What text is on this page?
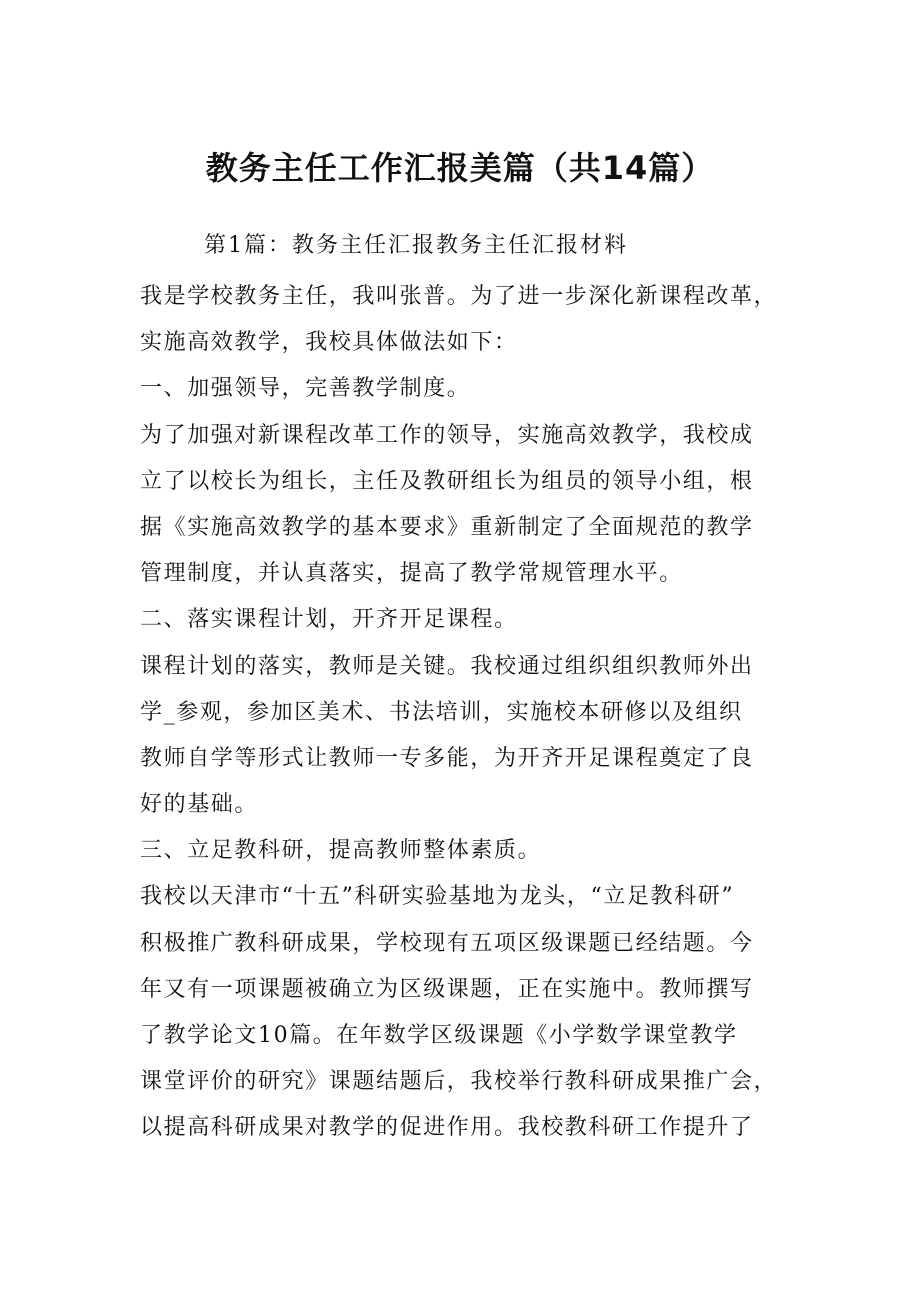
教务主任工作汇报美篇（共14篇）

第1篇：教务主任汇报教务主任汇报材料

我是学校教务主任，我叫张普。为了进一步深化新课程改革，
实施高效教学，我校具体做法如下：
一、加强领导，完善教学制度。
为了加强对新课程改革工作的领导，实施高效教学，我校成
立了以校长为组长，主任及教研组长为组员的领导小组，根
据《实施高效教学的基本要求》重新制定了全面规范的教学
管理制度，并认真落实，提高了教学常规管理水平。
二、落实课程计划，开齐开足课程。
课程计划的落实，教师是关键。我校通过组织组织教师外出
学_参观，参加区美术、书法培训，实施校本研修以及组织
教师自学等形式让教师一专多能，为开齐开足课程奠定了良
好的基础。
三、立足教科研，提高教师整体素质。
我校以天津市“十五”科研实验基地为龙头，“立足教科研”
积极推广教科研成果，学校现有五项区级课题已经结题。今
年又有一项课题被确立为区级课题，正在实施中。教师撰写
了教学论文10篇。在年数学区级课题《小学数学课堂教学
课堂评价的研究》课题结题后，我校举行教科研成果推广会，
以提高科研成果对教学的促进作用。我校教科研工作提升了
